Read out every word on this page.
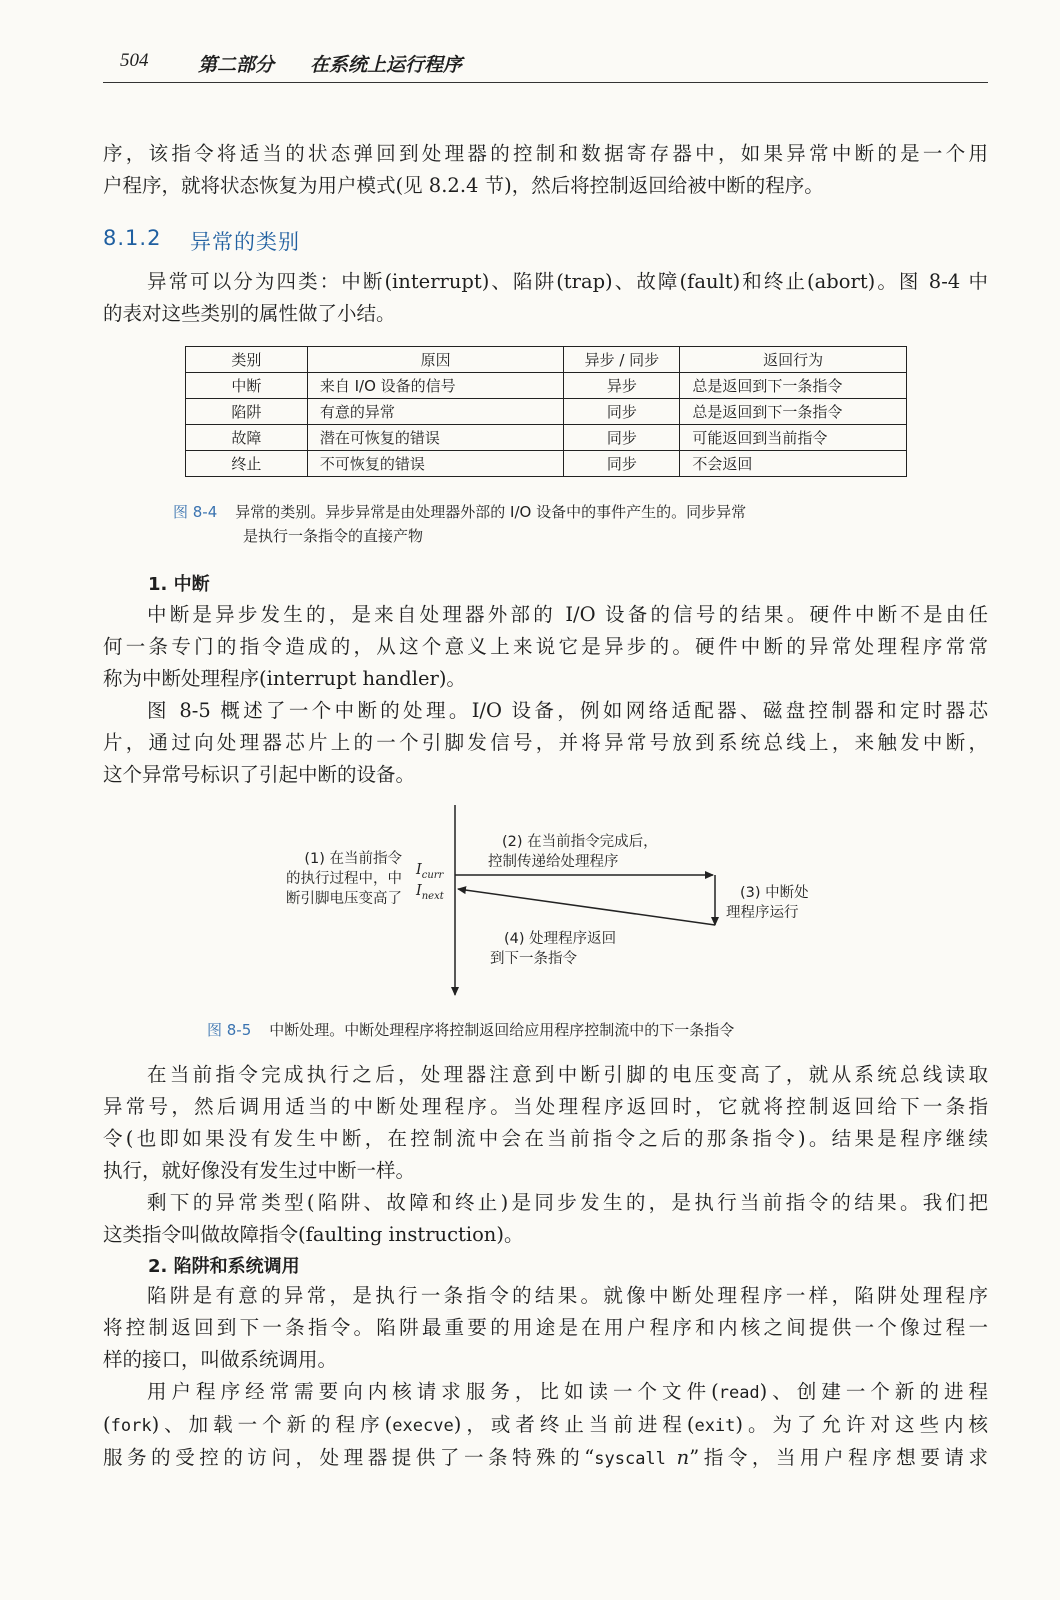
504	第二部分 在系统上运行程序
序，该指令将适当的状态弹回到处理器的控制和数据寄存器中，如果异常中断的是一个用
户程序，就将状态恢复为用户模式(见 8.2.4 节)，然后将控制返回给被中断的程序。
8.1.2 异常的类别
异常可以分为四类：中断(interrupt)、陷阱(trap)、故障(fault)和终止(abort)。图 8-4 中
的表对这些类别的属性做了小结。
类别	原因	异步 / 同步	返回行为
中断	来自 I/O 设备的信号	异步	总是返回到下一条指令
陷阱	有意的异常	同步	总是返回到下一条指令
故障	潜在可恢复的错误	同步	可能返回到当前指令
终止	不可恢复的错误	同步	不会返回
图 8-4 异常的类别。异步异常是由处理器外部的 I/O 设备中的事件产生的。同步异常
是执行一条指令的直接产物
1. 中断
中断是异步发生的，是来自处理器外部的 I/O 设备的信号的结果。硬件中断不是由任
何一条专门的指令造成的，从这个意义上来说它是异步的。硬件中断的异常处理程序常常
称为中断处理程序(interrupt handler)。
图 8-5 概述了一个中断的处理。I/O 设备，例如网络适配器、磁盘控制器和定时器芯
片，通过向处理器芯片上的一个引脚发信号，并将异常号放到系统总线上，来触发中断，
这个异常号标识了引起中断的设备。
(1) 在当前指令
的执行过程中，中
断引脚电压变高了
$I_{curr}$
$I_{next}$
(2) 在当前指令完成后，
控制传递给处理程序
(3) 中断处
理程序运行
(4) 处理程序返回
到下一条指令
图 8-5 中断处理。中断处理程序将控制返回给应用程序控制流中的下一条指令
在当前指令完成执行之后，处理器注意到中断引脚的电压变高了，就从系统总线读取
异常号，然后调用适当的中断处理程序。当处理程序返回时，它就将控制返回给下一条指
令(也即如果没有发生中断，在控制流中会在当前指令之后的那条指令)。结果是程序继续
执行，就好像没有发生过中断一样。
剩下的异常类型(陷阱、故障和终止)是同步发生的，是执行当前指令的结果。我们把
这类指令叫做故障指令(faulting instruction)。
2. 陷阱和系统调用
陷阱是有意的异常，是执行一条指令的结果。就像中断处理程序一样，陷阱处理程序
将控制返回到下一条指令。陷阱最重要的用途是在用户程序和内核之间提供一个像过程一
样的接口，叫做系统调用。
用户程序经常需要向内核请求服务，比如读一个文件(read)、创建一个新的进程
(fork)、加载一个新的程序(execve)，或者终止当前进程(exit)。为了允许对这些内核
服务的受控的访问，处理器提供了一条特殊的“syscall n”指令，当用户程序想要请求
